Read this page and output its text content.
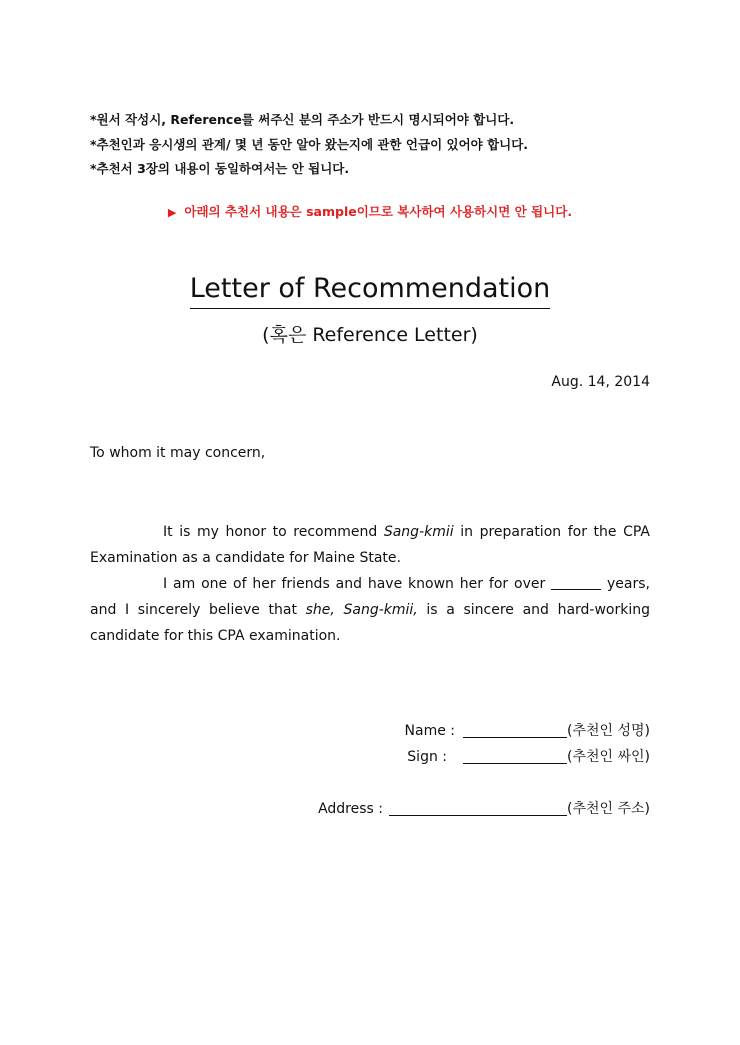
*원서 작성시, Reference를 써주신 분의 주소가 반드시 명시되어야 합니다.
*추천인과 응시생의 관계/ 몇 년 동안 알아 왔는지에 관한 언급이 있어야 합니다.
*추천서 3장의 내용이 동일하여서는 안 됩니다.
▶ 아래의 추천서 내용은 sample이므로 복사하여 사용하시면 안 됩니다.
Letter of Recommendation
(혹은 Reference Letter)
Aug. 14, 2014
To whom it may concern,

It is my honor to recommend Sang-kmii in preparation for the CPA Examination as a candidate for Maine State.

I am one of her friends and have known her for over	years, and I sincerely believe that she, Sang-kmii, is a sincere and hard-working candidate for this CPA examination.

Name :	(추천인 성명)
Sign :	(추천인 싸인)
Address :	(추천인 주소)
